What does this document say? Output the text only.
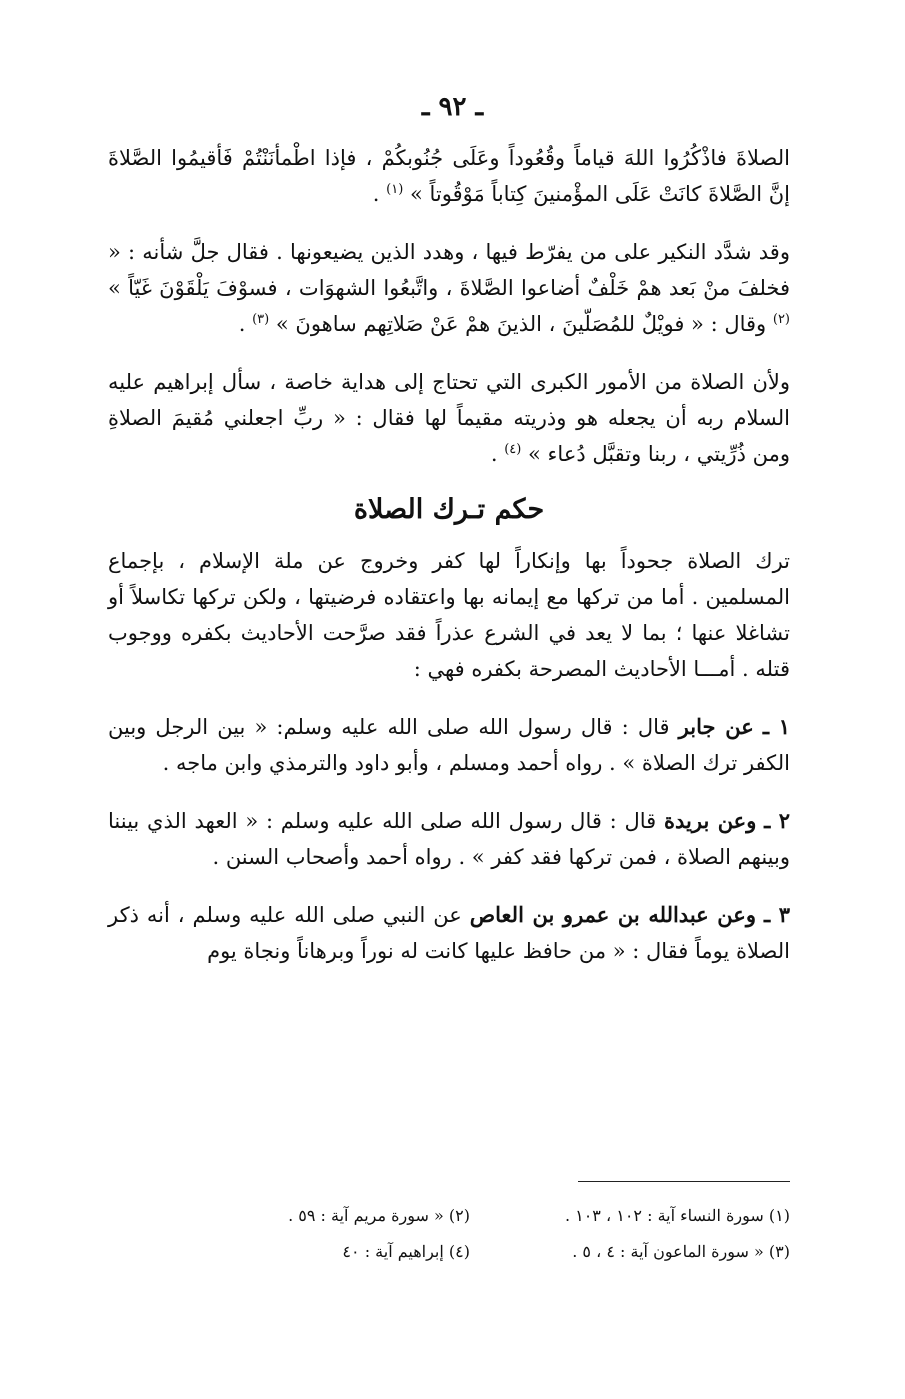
ـ ٩٢ ـ

الصلاةَ فاذْكُرُوا اللهَ قياماً وقُعُوداً وعَلَى جُنُوبكُمْ ، فإذا اطْمأنَنْتُمْ فَأقيمُوا الصَّلاةَ إنَّ الصَّلاةَ كانَتْ عَلَى المؤْمنينَ كِتاباً مَوْقُوتاً » $^{(١)}$ .

وقد شدَّد النكير على من يفرّط فيها ، وهدد الذين يضيعونها . فقال جلَّ شأنه : « فخلفَ منْ بَعد همْ خَلْفٌ أضاعوا الصَّلاةَ ، واتَّبعُوا الشهوَات ، فسوْفَ يَلْقَوْنَ غَيّاً » $^{(٢)}$ وقال : « فويْلٌ للمُصَلّينَ ، الذينَ همْ عَنْ صَلاتِهم ساهونَ » $^{(٣)}$ .

ولأن الصلاة من الأمور الكبرى التي تحتاج إلى هداية خاصة ، سأل إبراهيم عليه السلام ربه أن يجعله هو وذريته مقيماً لها فقال : « ربِّ اجعلني مُقيمَ الصلاةِ ومن ذُرِّيتي ، ربنا وتقبَّل دُعاء » $^{(٤)}$ .

حكم تـرك الصلاة

ترك الصلاة جحوداً بها وإنكاراً لها كفر وخروج عن ملة الإسلام ، بإجماع المسلمين . أما من تركها مع إيمانه بها واعتقاده فرضيتها ، ولكن تركها تكاسلاً أو تشاغلا عنها ؛ بما لا يعد في الشرع عذراً فقد صرَّحت الأحاديث بكفره ووجوب قتله . أمـــا الأحاديث المصرحة بكفره فهي :

١ ـ عن جابر قال : قال رسول الله صلى الله عليه وسلم: « بين الرجل وبين الكفر ترك الصلاة » . رواه أحمد ومسلم ، وأبو داود والترمذي وابن ماجه .

٢ ـ وعن بريدة قال : قال رسول الله صلى الله عليه وسلم : « العهد الذي بيننا وبينهم الصلاة ، فمن تركها فقد كفر » . رواه أحمد وأصحاب السنن .

٣ ـ وعن عبدالله بن عمرو بن العاص عن النبي صلى الله عليه وسلم ، أنه ذكر الصلاة يوماً فقال : « من حافظ عليها كانت له نوراً وبرهاناً ونجاة يوم

(١) سورة النساء آية : ١٠٢ ، ١٠٣ .
(٢) « سورة مريم آية : ٥٩ .
(٣) « سورة الماعون آية : ٤ ، ٥ .
(٤) إبراهيم آية : ٤٠
